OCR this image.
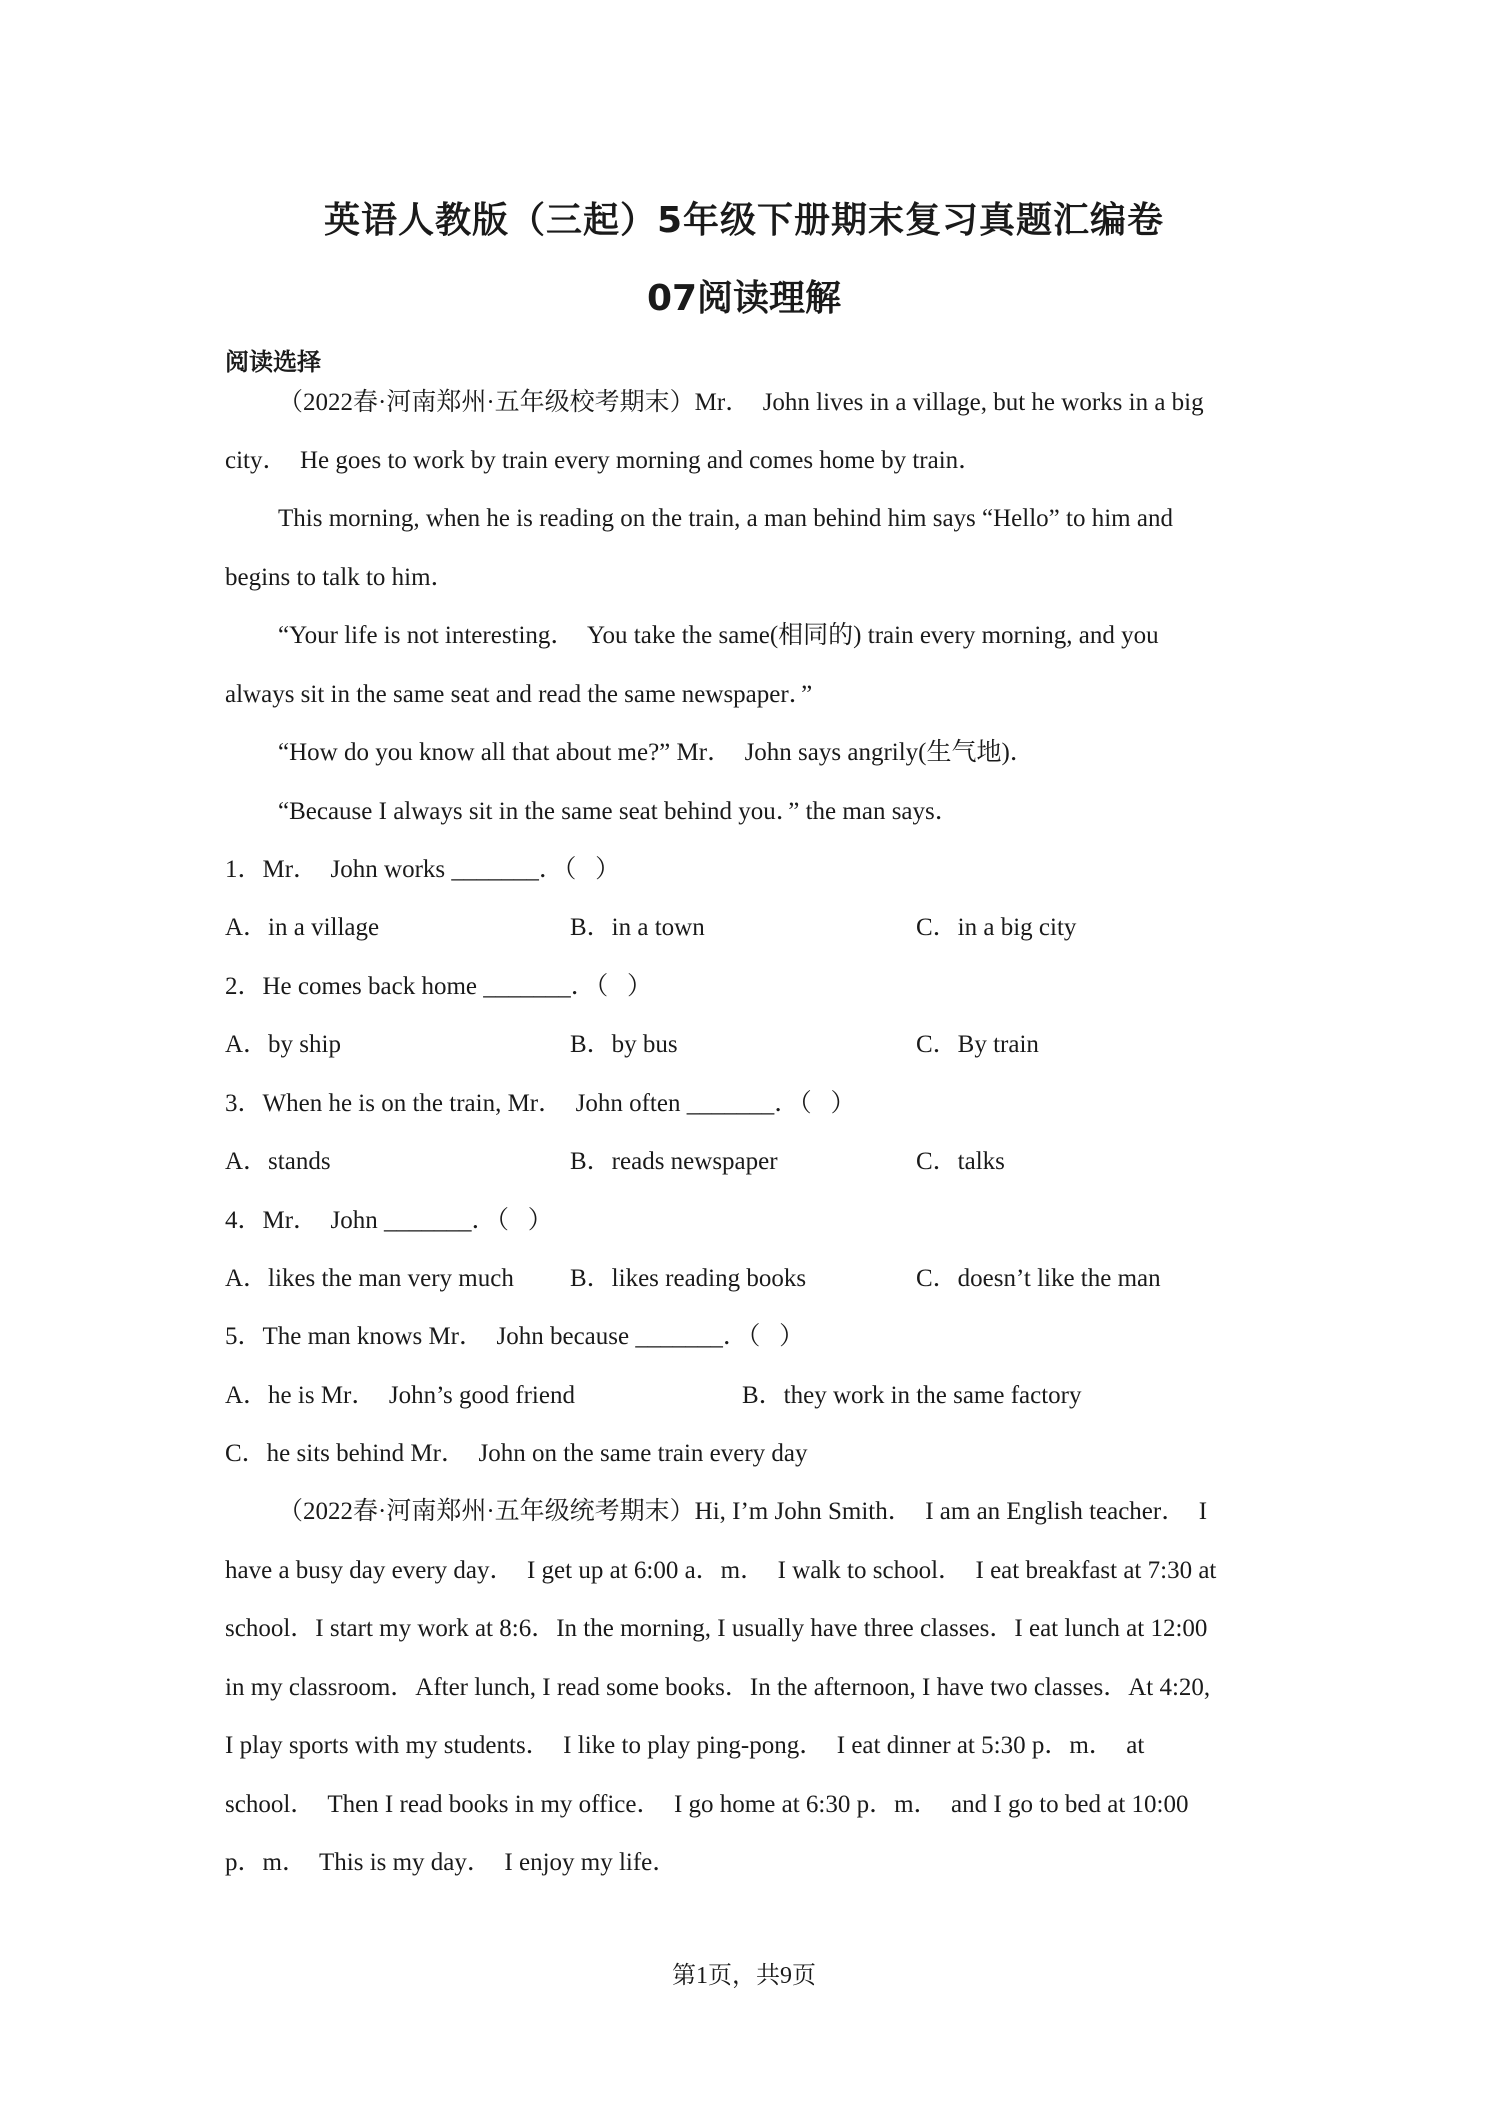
英语人教版（三起）5年级下册期末复习真题汇编卷
07阅读理解
阅读选择
（2022春·河南郑州·五年级校考期末）Mr．  John lives in a village, but he works in a big
city．  He goes to work by train every morning and comes home by train．
This morning, when he is reading on the train, a man behind him says “Hello” to him and
begins to talk to him．
“Your life is not interesting．  You take the same(相同的) train every morning, and you
always sit in the same seat and read the same newspaper．”
“How do you know all that about me?” Mr．  John says angrily(生气地)．
“Because I always sit in the same seat behind you．” the man says．
1．Mr．  John works _______．（   ）
A．in a village	B．in a town	C．in a big city
2．He comes back home _______．（   ）
A．by ship	B．by bus	C．By train
3．When he is on the train, Mr．  John often _______．（   ）
A．stands	B．reads newspaper	C．talks
4．Mr．  John _______．（   ）
A．likes the man very much B．likes reading books	C．doesn’t like the man
5．The man knows Mr．  John because _______．（   ）
A．he is Mr．  John’s good friend	B．they work in the same factory
C．he sits behind Mr．  John on the same train every day
（2022春·河南郑州·五年级统考期末）Hi, I’m John Smith．  I am an English teacher．  I
have a busy day every day．  I get up at 6:00 a．m．  I walk to school．  I eat breakfast at 7:30 at
school．I start my work at 8:6．In the morning, I usually have three classes．I eat lunch at 12:00
in my classroom．After lunch, I read some books．In the afternoon, I have two classes．At 4:20,
I play sports with my students．  I like to play ping-pong．  I eat dinner at 5:30 p．m．  at
school．  Then I read books in my office．  I go home at 6:30 p．m．  and I go to bed at 10:00
p．m．  This is my day．  I enjoy my life．
第1页，共9页
